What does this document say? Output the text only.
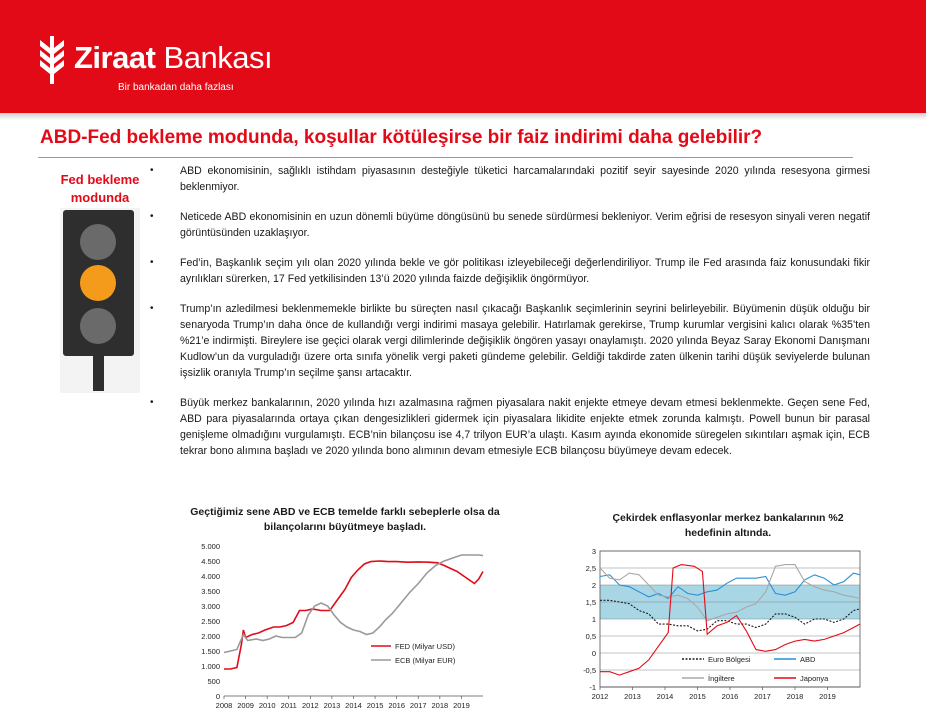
Ziraat Bankası
Bir bankadan daha fazlası
ABD-Fed bekleme modunda, koşullar kötüleşirse bir faiz indirimi daha gelebilir?
Fed bekleme
modunda
• ABD ekonomisinin, sağlıklı istihdam piyasasının desteğiyle tüketici harcamalarındaki pozitif seyir sayesinde 2020 yılında resesyona girmesi beklenmiyor.
• Neticede ABD ekonomisinin en uzun dönemli büyüme döngüsünü bu senede sürdürmesi bekleniyor. Verim eğrisi de resesyon sinyali veren negatif görüntüsünden uzaklaşıyor.
• Fed’in, Başkanlık seçim yılı olan 2020 yılında bekle ve gör politikası izleyebileceği değerlendiriliyor. Trump ile Fed arasında faiz konusundaki fikir ayrılıkları sürerken, 17 Fed yetkilisinden 13’ü 2020 yılında faizde değişiklik öngörmüyor.
• Trump’ın azledilmesi beklenmemekle birlikte bu süreçten nasıl çıkacağı Başkanlık seçimlerinin seyrini belirleyebilir. Büyümenin düşük olduğu bir senaryoda Trump’ın daha önce de kullandığı vergi indirimi masaya gelebilir. Hatırlamak gerekirse, Trump kurumlar vergisini kalıcı olarak %35’ten %21’e indirmişti. Bireylere ise geçici olarak vergi dilimlerinde değişiklik öngören yasayı onaylamıştı. 2020 yılında Beyaz Saray Ekonomi Danışmanı Kudlow’un da vurguladığı üzere orta sınıfa yönelik vergi paketi gündeme gelebilir. Geldiği takdirde zaten ülkenin tarihi düşük seviyelerde bulunan işsizlik oranıyla Trump’ın seçilme şansı artacaktır.
• Büyük merkez bankalarının, 2020 yılında hızı azalmasına rağmen piyasalara nakit enjekte etmeye devam etmesi beklenmekte. Geçen sene Fed, ABD para piyasalarında ortaya çıkan dengesizlikleri gidermek için piyasalara likidite enjekte etmek zorunda kalmıştı. Powell bunun bir parasal genişleme olmadığını vurgulamıştı. ECB’nin bilançosu ise 4,7 trilyon EUR’a ulaştı. Kasım ayında ekonomide süregelen sıkıntıları aşmak için, ECB tekrar bono alımına başladı ve 2020 yılında bono alımının devam etmesiyle ECB bilançosu büyümeye devam edecek.
Geçtiğimiz sene ABD ve ECB temelde farklı sebeplerle olsa da bilançolarını büyütmeye başladı.
0
500
1.000
1.500
2.000
2.500
3.000
3.500
4.000
4.500
5.000
2008 2009 2010 2011 2012 2013 2014 2015 2016 2017 2018 2019
FED (Milyar USD)
ECB (Milyar EUR)
Çekirdek enflasyonlar merkez bankalarının %2 hedefinin altında.
-1
-0,5
0
0,5
1
1,5
2
2,5
3
2012 2013 2014 2015 2016 2017 2018 2019
Euro Bölgesi	ABD
İngiltere	Japonya
